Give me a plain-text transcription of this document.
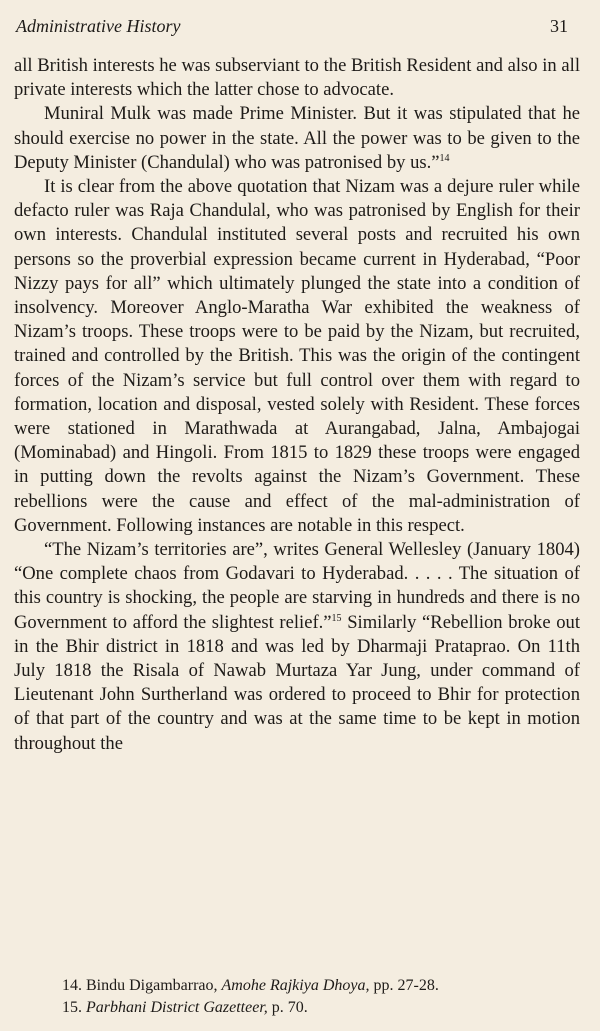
Administrative History	31

all British interests he was subserviant to the British Resident and also in all private interests which the latter chose to advocate.

Muniral Mulk was made Prime Minister. But it was stipulated that he should exercise no power in the state. All the power was to be given to the Deputy Minister (Chandulal) who was patronised by us.”$^{14}$

It is clear from the above quotation that Nizam was a dejure ruler while defacto ruler was Raja Chandulal, who was patronised by English for their own interests. Chandulal instituted several posts and recruited his own persons so the proverbial expression became current in Hyderabad, “Poor Nizzy pays for all” which ultimately plunged the state into a condition of insolvency. Moreover Anglo-Maratha War exhibited the weakness of Nizam’s troops. These troops were to be paid by the Nizam, but recruited, trained and controlled by the British. This was the origin of the contingent forces of the Nizam’s service but full control over them with regard to formation, location and disposal, vested solely with Resident. These forces were stationed in Marathwada at Aurangabad, Jalna, Ambajogai (Mominabad) and Hingoli. From 1815 to 1829 these troops were engaged in putting down the revolts against the Nizam’s Government. These rebellions were the cause and effect of the mal-administration of Government. Following instances are notable in this respect.

“The Nizam’s territories are”, writes General Wellesley (January 1804) “One complete chaos from Godavari to Hyderabad. . . . . The situation of this country is shocking, the people are starving in hundreds and there is no Government to afford the slightest relief.”$^{15}$ Similarly “Rebellion broke out in the Bhir district in 1818 and was led by Dharmaji Prataprao. On 11th July 1818 the Risala of Nawab Murtaza Yar Jung, under command of Lieutenant John Surtherland was ordered to proceed to Bhir for protection of that part of the country and was at the same time to be kept in motion throughout the

14. Bindu Digambarrao, Amohe Rajkiya Dhoya, pp. 27-28.
15. Parbhani District Gazetteer, p. 70.
